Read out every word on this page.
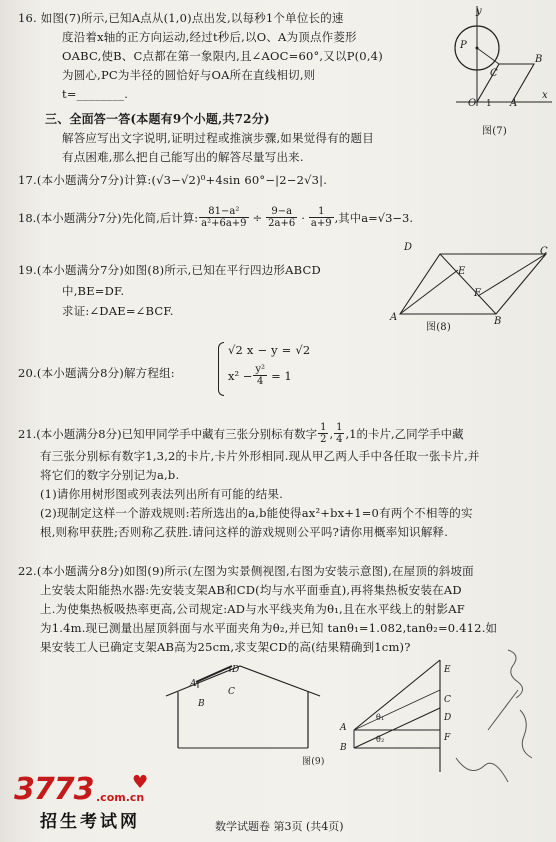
16. 如图(7)所示,已知A点从(1,0)点出发,以每秒1个单位长的速
度沿着x轴的正方向运动,经过t秒后,以O、A为顶点作菱形
OABC,使B、C点都在第一象限内,且∠AOC=60°,又以P(0,4)
为圆心,PC为半径的圆恰好与OA所在直线相切,则
t=________.
y
P
C
B
O 1 A
x
图(7)
三、全面答一答(本题有9个小题,共72分)
解答应写出文字说明,证明过程或推演步骤,如果觉得有的题目
有点困难,那么把自己能写出的解答尽量写出来.
17.(本小题满分7分)计算:(√3−√2)⁰+4sin 60°−|2−2√3|.
18.(本小题满分7分)先化简,后计算: $\frac{\text{81−a²}}{\text{a²+6a+9}} \div \frac{9-a}{2a+6} \cdot \frac{1}{a+9}$ ,其中a=√3−3.
19.(本小题满分7分)如图(8)所示,已知在平行四边形ABCD
中,BE=DF.
求证:∠DAE=∠BCF.
D	C
E
F
A	B
图(8)
20.(本小题满分8分)解方程组:
√2 x − y = √2
$x^2 - \frac{\text{y²}}{4} = 1$
21.(本小题满分8分)已知甲同学手中藏有三张分别标有数字 $\frac{1}{2}$ , $\frac{1}{4} ,1$的卡片,乙同学手中藏
有三张分别标有数字1,3,2的卡片,卡片外形相同.现从甲乙两人手中各任取一张卡片,并
将它们的数字分别记为a,b.
(1)请你用树形图或列表法列出所有可能的结果.
(2)现制定这样一个游戏规则:若所选出的a,b能使得ax²+bx+1=0有两个不相等的实
根,则称甲获胜;否则称乙获胜.请问这样的游戏规则公平吗?请你用概率知识解释.
22.(本小题满分8分)如图(9)所示(左图为实景侧视图,右图为安装示意图),在屋顶的斜坡面
上安装太阳能热水器:先安装支架AB和CD(均与水平面垂直),再将集热板安装在AD
上.为使集热板吸热率更高,公司规定:AD与水平线夹角为θ₁,且在水平线上的射影AF
为1.4m.现已测量出屋顶斜面与水平面夹角为θ₂,并已知 tanθ₁=1.082,tanθ₂=0.412.如
果安装工人已确定支架AB高为25cm,求支架CD的高(结果精确到1cm)?
A
B
C
D
A
B
C
D
E
F
θ₁
θ₂
图(9)
3773 ♥
.com.cn
招生考试网	数学试题卷 第3页 (共4页)
